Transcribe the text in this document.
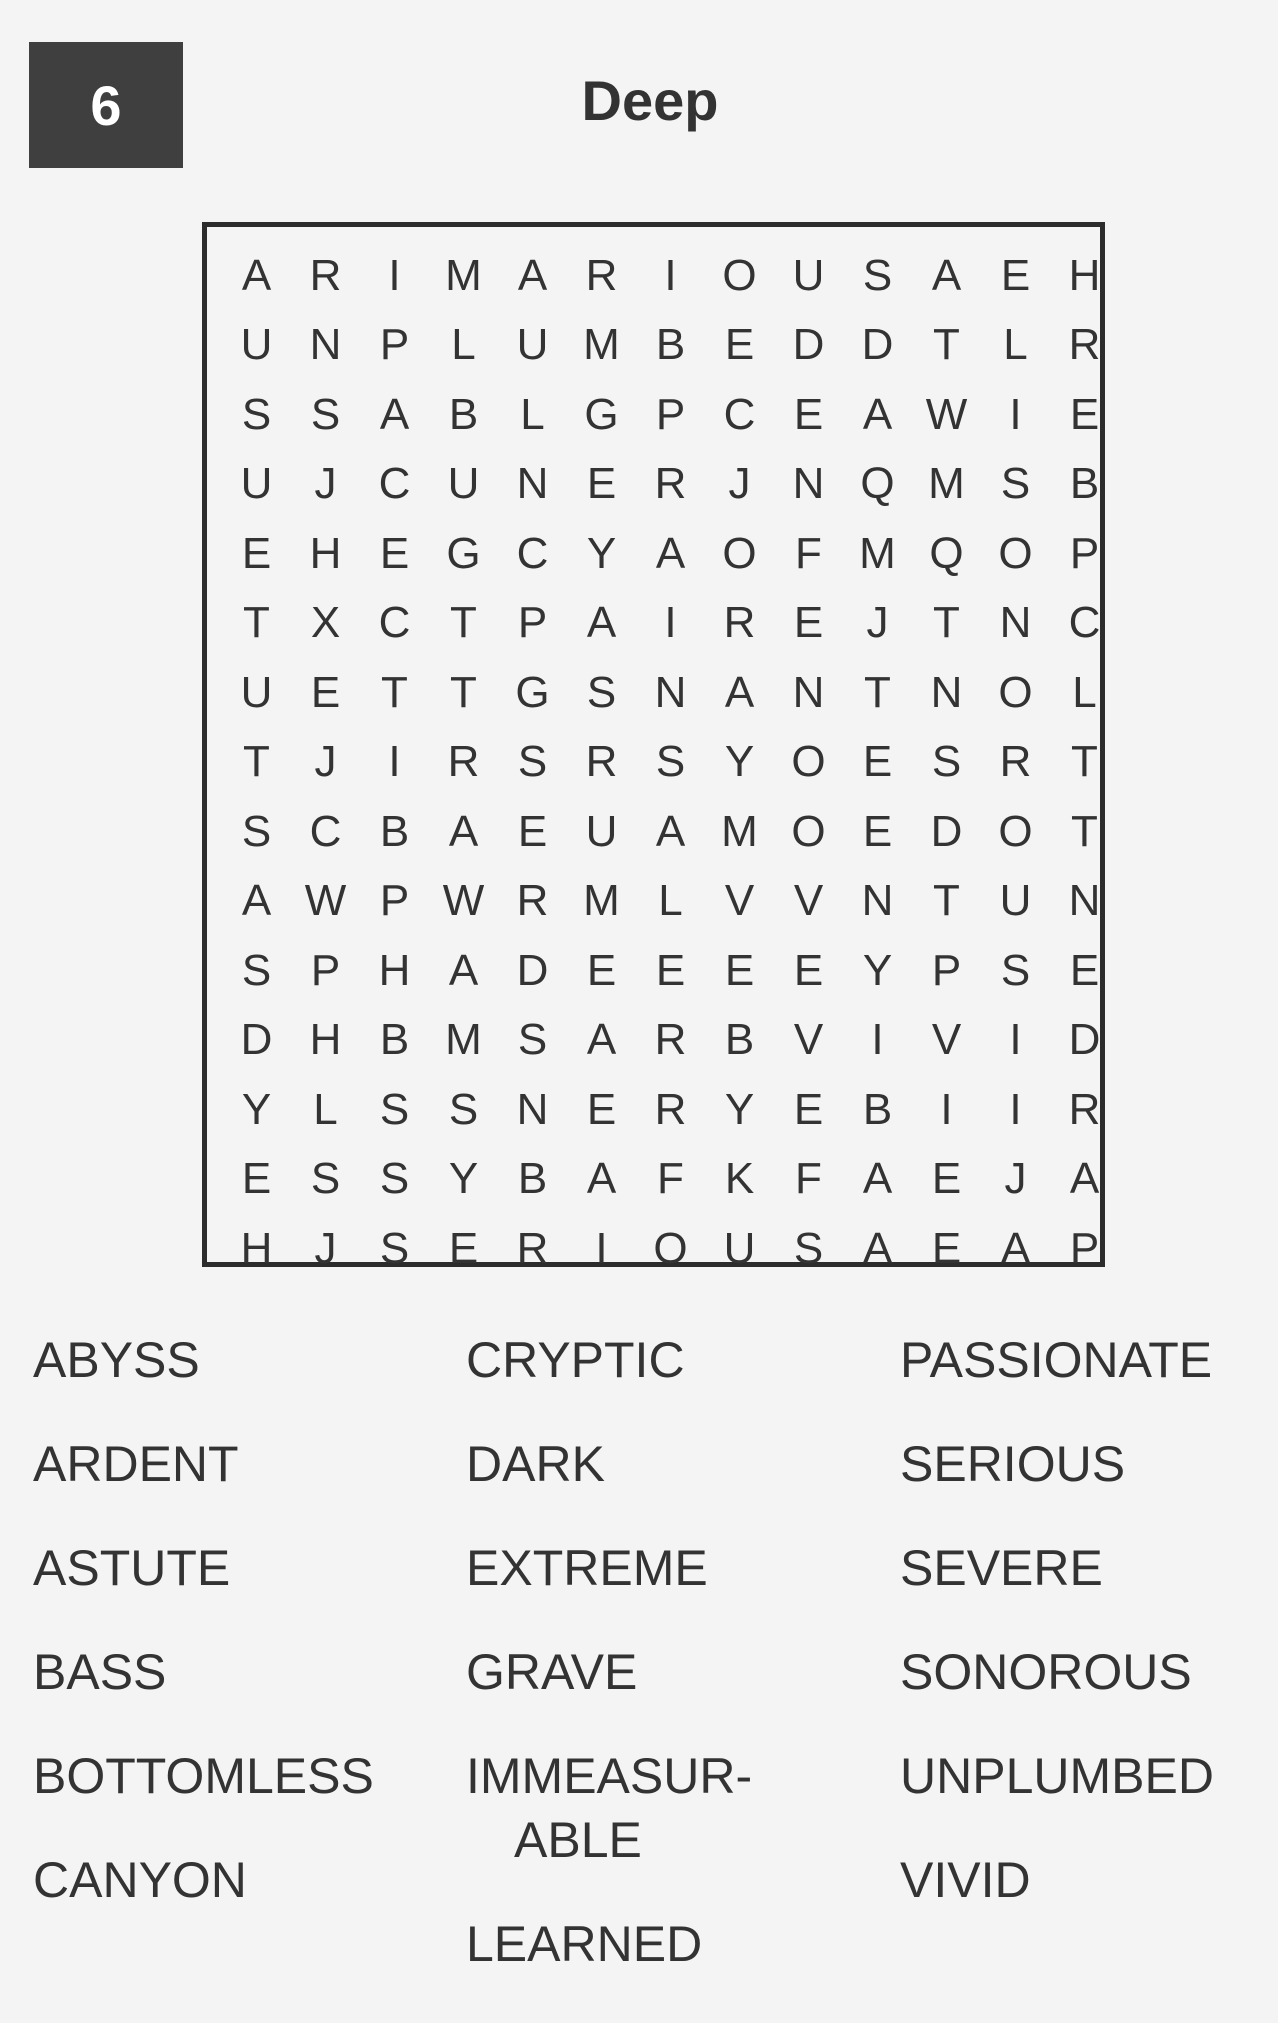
6	Deep
A R	I	M A R	I	O U S A E H
U N P L U M B E D D T L R
S S A B L G P C E A W I	E
U J C U N E R J N Q M S B
E H E G C Y A O F M Q O P
T X C T P A	I	R E J	T N C
U E T T G S N A N T N O L
T	J	I	R S R S Y O E S R T
S C B A E U A M O E D O T
A W P W R M L V V N T U N
S P H A D E E E E Y P S E
D H B M S A R B V	I	V	I	D
Y L S S N E R Y E B	I	I	R
E S S Y B A F K F A E J A
H J S E R	I	O U S A E A P
ABYSS
ARDENT
ASTUTE
BASS
BOTTOMLESS
CANYON
CRYPTIC
DARK
EXTREME
GRAVE
IMMEASUR-
ABLE
LEARNED
PASSIONATE
SERIOUS
SEVERE
SONOROUS
UNPLUMBED
VIVID
